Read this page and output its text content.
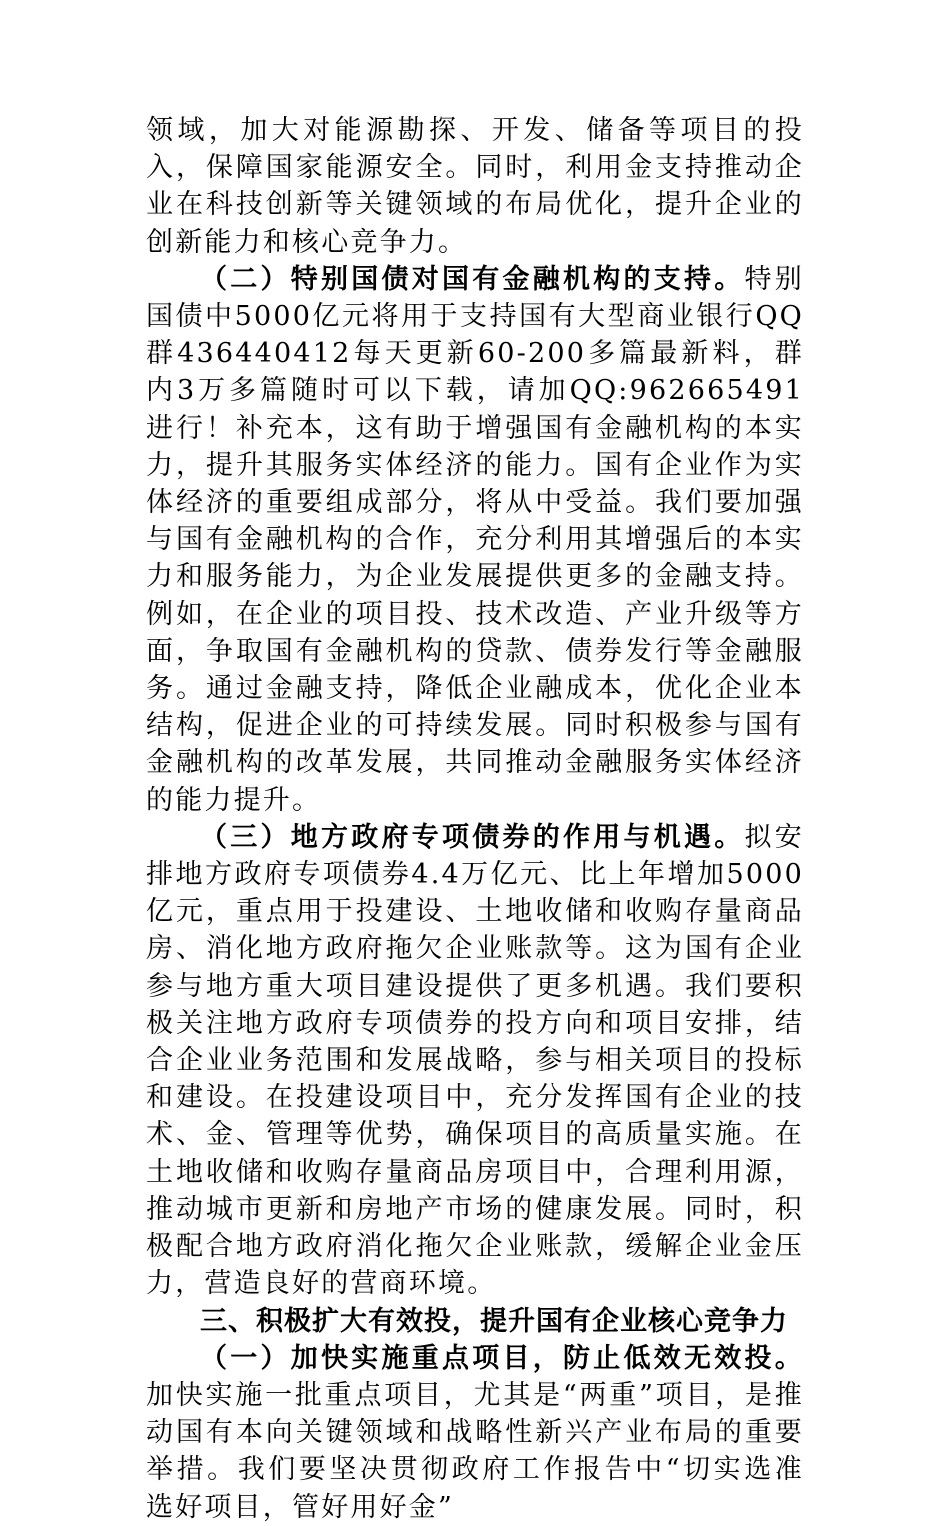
领域，加大对能源勘探、开发、储备等项目的投入，保障国家能源安全。同时，利用金支持推动企业在科技创新等关键领域的布局优化，提升企业的创新能力和核心竞争力。

（二）特别国债对国有金融机构的支持。特别国债中5000亿元将用于支持国有大型商业银行QQ群436440412每天更新60-200多篇最新料，群内3万多篇随时可以下载，请加QQ:962665491进行！补充本，这有助于增强国有金融机构的本实力，提升其服务实体经济的能力。国有企业作为实体经济的重要组成部分，将从中受益。我们要加强与国有金融机构的合作，充分利用其增强后的本实力和服务能力，为企业发展提供更多的金融支持。例如，在企业的项目投、技术改造、产业升级等方面，争取国有金融机构的贷款、债券发行等金融服务。通过金融支持，降低企业融成本，优化企业本结构，促进企业的可持续发展。同时积极参与国有金融机构的改革发展，共同推动金融服务实体经济的能力提升。

（三）地方政府专项债券的作用与机遇。拟安排地方政府专项债券4.4万亿元、比上年增加5000亿元，重点用于投建设、土地收储和收购存量商品房、消化地方政府拖欠企业账款等。这为国有企业参与地方重大项目建设提供了更多机遇。我们要积极关注地方政府专项债券的投方向和项目安排，结合企业业务范围和发展战略，参与相关项目的投标和建设。在投建设项目中，充分发挥国有企业的技术、金、管理等优势，确保项目的高质量实施。在土地收储和收购存量商品房项目中，合理利用源，推动城市更新和房地产市场的健康发展。同时，积极配合地方政府消化拖欠企业账款，缓解企业金压力，营造良好的营商环境。

三、积极扩大有效投，提升国有企业核心竞争力

（一）加快实施重点项目，防止低效无效投。加快实施一批重点项目，尤其是“两重”项目，是推动国有本向关键领域和战略性新兴产业布局的重要举措。我们要坚决贯彻政府工作报告中“切实选准选好项目，管好用好金”
